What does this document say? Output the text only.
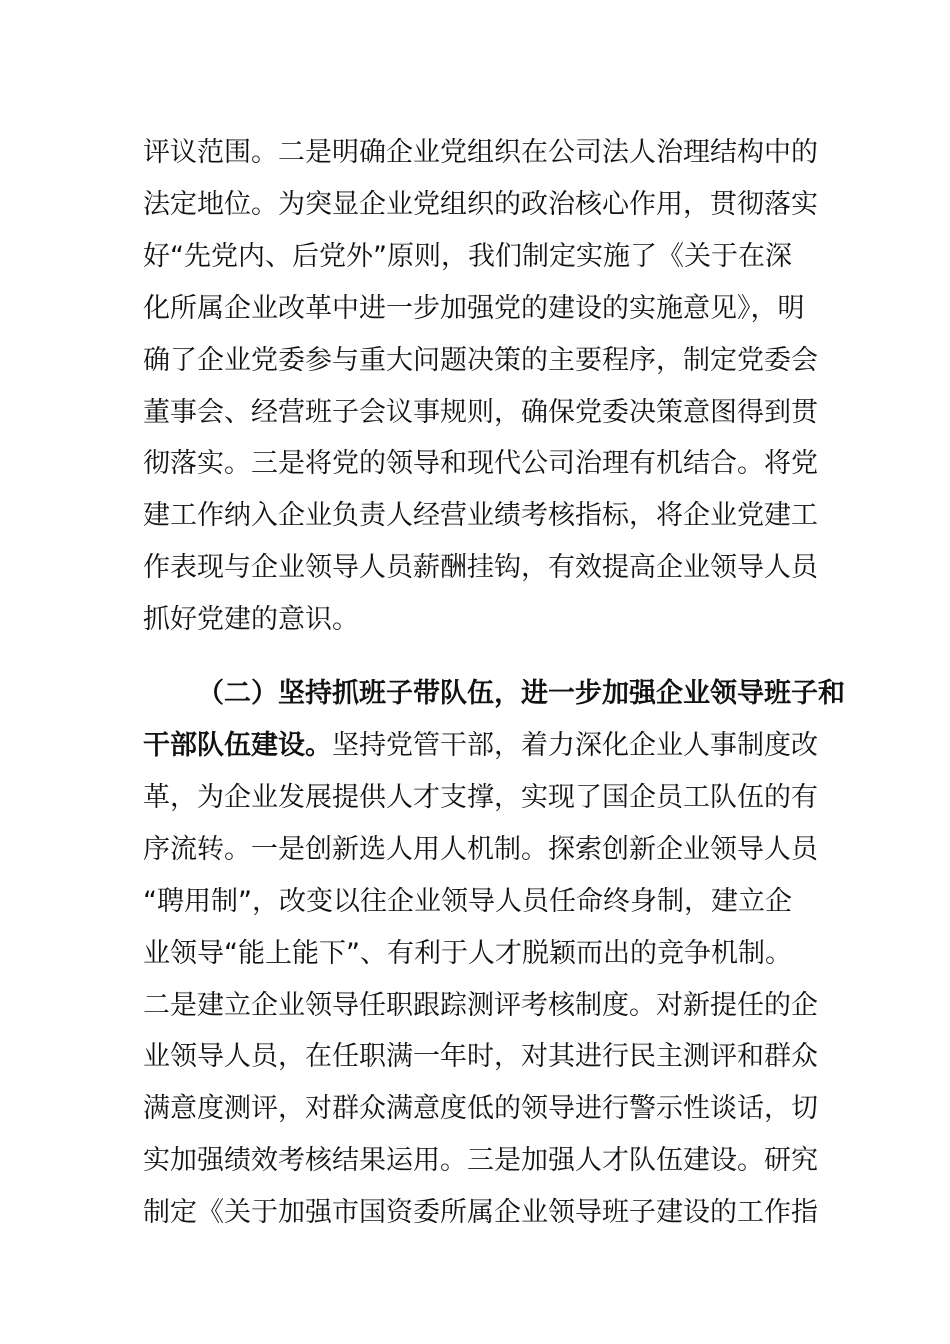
评议范围。二是明确企业党组织在公司法人治理结构中的
法定地位。为突显企业党组织的政治核心作用，贯彻落实
好“先党内、后党外”原则，我们制定实施了《关于在深
化所属企业改革中进一步加强党的建设的实施意见》，明
确了企业党委参与重大问题决策的主要程序，制定党委会
董事会、经营班子会议事规则，确保党委决策意图得到贯
彻落实。三是将党的领导和现代公司治理有机结合。将党
建工作纳入企业负责人经营业绩考核指标，将企业党建工
作表现与企业领导人员薪酬挂钩，有效提高企业领导人员
抓好党建的意识。
（二）坚持抓班子带队伍，进一步加强企业领导班子和
干部队伍建设。坚持党管干部，着力深化企业人事制度改
革，为企业发展提供人才支撑，实现了国企员工队伍的有
序流转。一是创新选人用人机制。探索创新企业领导人员
“聘用制”，改变以往企业领导人员任命终身制，建立企
业领导“能上能下”、有利于人才脱颖而出的竞争机制。
二是建立企业领导任职跟踪测评考核制度。对新提任的企
业领导人员，在任职满一年时，对其进行民主测评和群众
满意度测评，对群众满意度低的领导进行警示性谈话，切
实加强绩效考核结果运用。三是加强人才队伍建设。研究
制定《关于加强市国资委所属企业领导班子建设的工作指
